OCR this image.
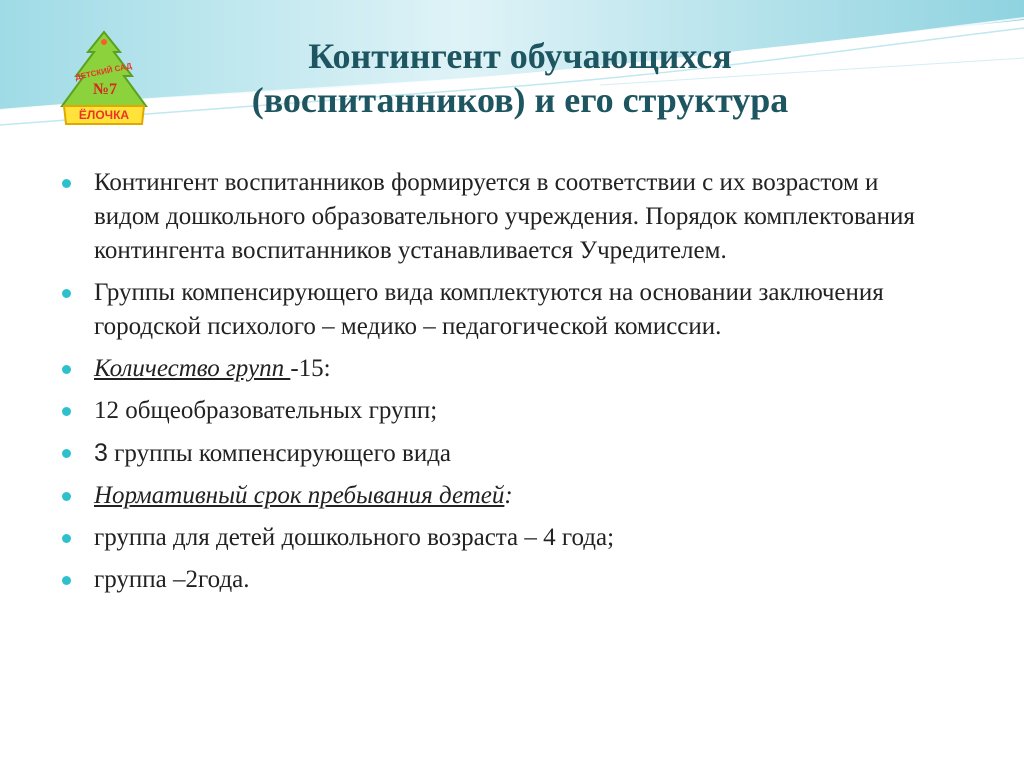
ДЕТСКИЙ САД
№7
ЁЛОЧКА
Контингент обучающихся
(воспитанников) и его структура
Контингент воспитанников формируется в соответствии с их возрастом и видом дошкольного образовательного учреждения. Порядок комплектования контингента воспитанников устанавливается Учредителем.
Группы компенсирующего вида комплектуются на основании заключения городской психолого – медико – педагогической комиссии.
Количество групп -15:
12 общеобразовательных групп;
3 группы компенсирующего вида
Нормативный срок пребывания детей:
группа для детей дошкольного возраста – 4 года;
группа –2года.
